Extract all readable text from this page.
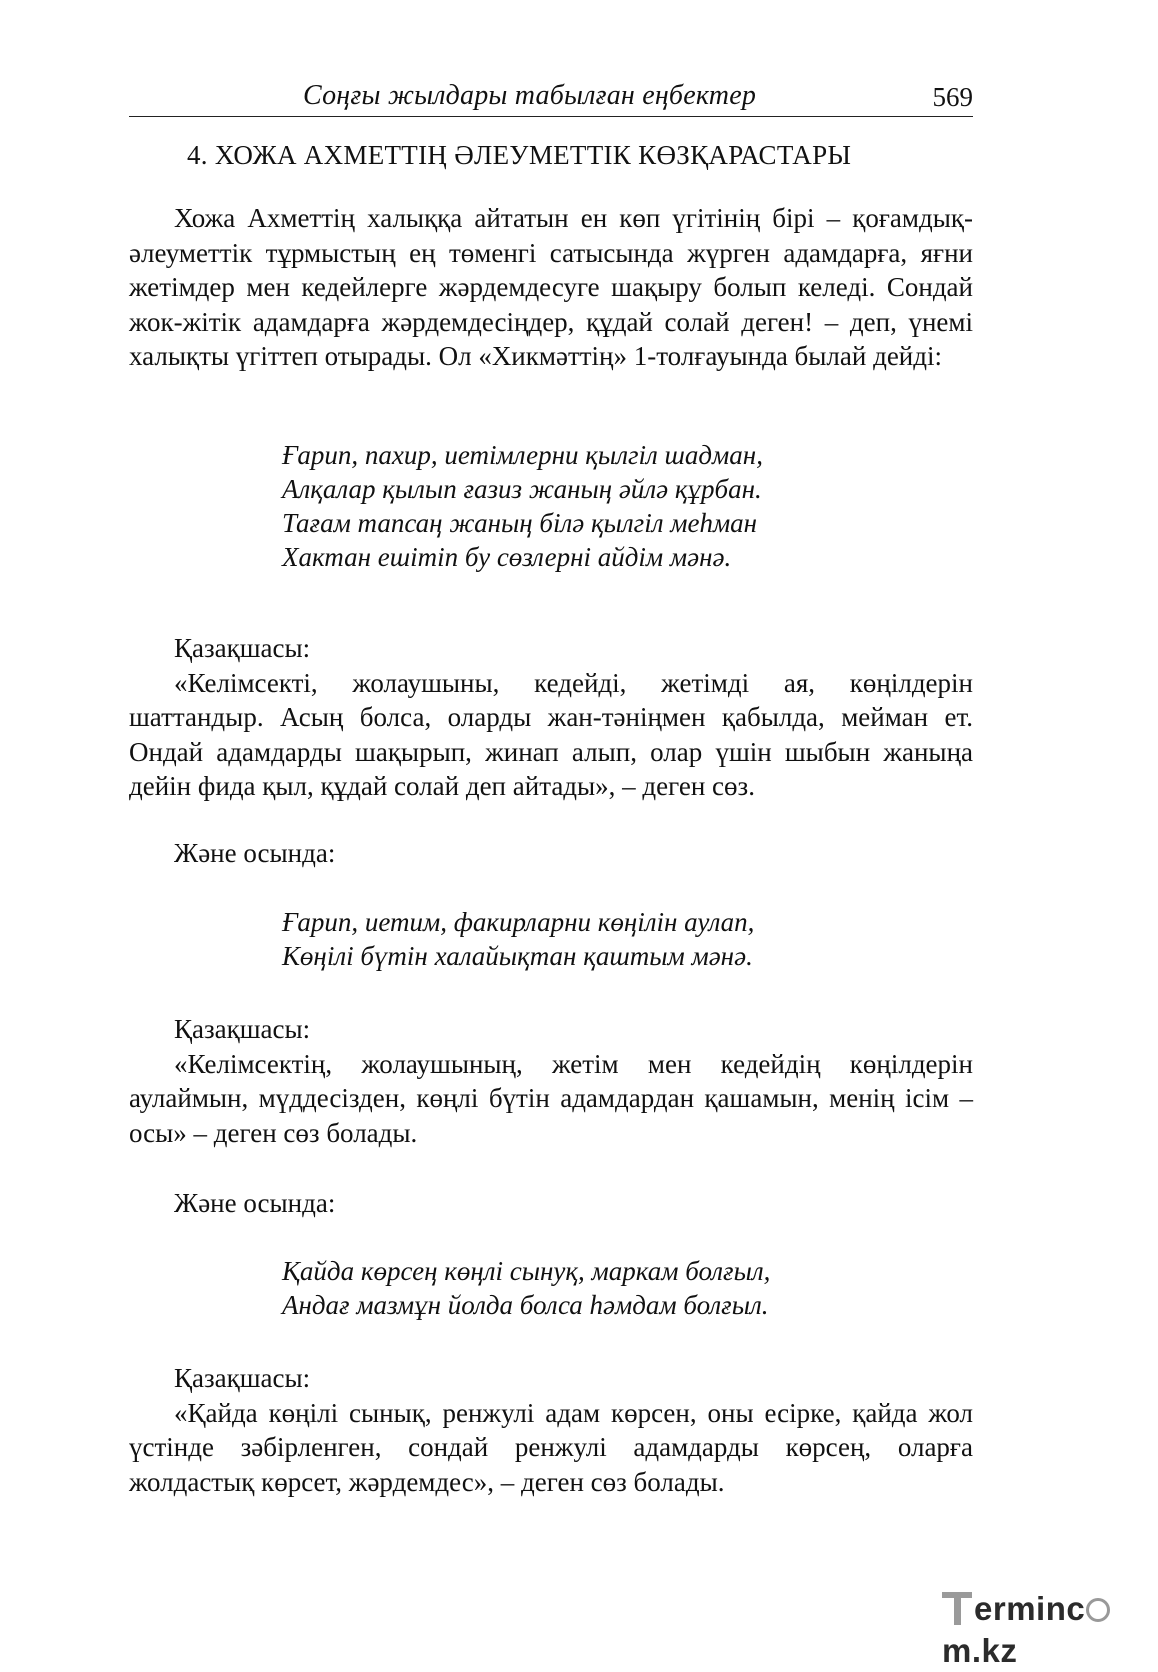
Соңғы жылдары табылған еңбектер	569
4. ХОЖА АХМЕТТІҢ ӘЛЕУМЕТТІК КӨЗҚАРАСТАРЫ

Хожа Ахметтің халыққа айтатын ен көп үгітінің бірі – қоғамдық-әлеуметтік тұрмыстың ең төменгі сатысында жүрген адамдарға, яғни жетімдер мен кедейлерге жәрдемдесуге шақыру болып келеді. Сондай жок-жітік адамдарға жәрдемдесіңдер, құдай солай деген! – деп, үнемі халықты үгіттеп отырады. Ол «Хикмәттің» 1-толғауында былай дейді:

Ғарип, пахир, иетімлерни қылгіл шадман,
Алқалар қылып ғазиз жаның әйлә құрбан.
Тағам тапсаң жаның білә қылгіл меһман
Хактан ешітіп бу сөзлерні айдім мәнә.

Қазақшасы:

«Келімсекті, жолаушыны, кедейді, жетімді ая, көңілдерін шаттандыр. Асың болса, оларды жан-тәніңмен қабылда, мейман ет. Ондай адамдарды шақырып, жинап алып, олар үшін шыбын жаныңа дейін фида қыл, құдай солай деп айтады», – деген сөз.

Және осында:

Ғарип, иетим, факирларни көңілін аулап,
Көңілі бүтін халайықтан қаштым мәнә.

Қазақшасы:

«Келімсектің, жолаушының, жетім мен кедейдің көңілдерін аулаймын, мүддесізден, көңлі бүтін адамдардан қашамын, менің ісім – осы» – деген сөз болады.

Және осында:

Қайда көрсең көңлі сынуқ, маркам болғыл,
Андағ мазмұн йолда болса һәмдам болғыл.

Қазақшасы:

«Қайда көңілі сынық, ренжулі адам көрсен, оны есірке, қайда жол үстінде зәбірленген, сондай ренжулі адамдарды көрсең, оларға жолдастық көрсет, жәрдемдес», – деген сөз болады.

ermincm.kz
